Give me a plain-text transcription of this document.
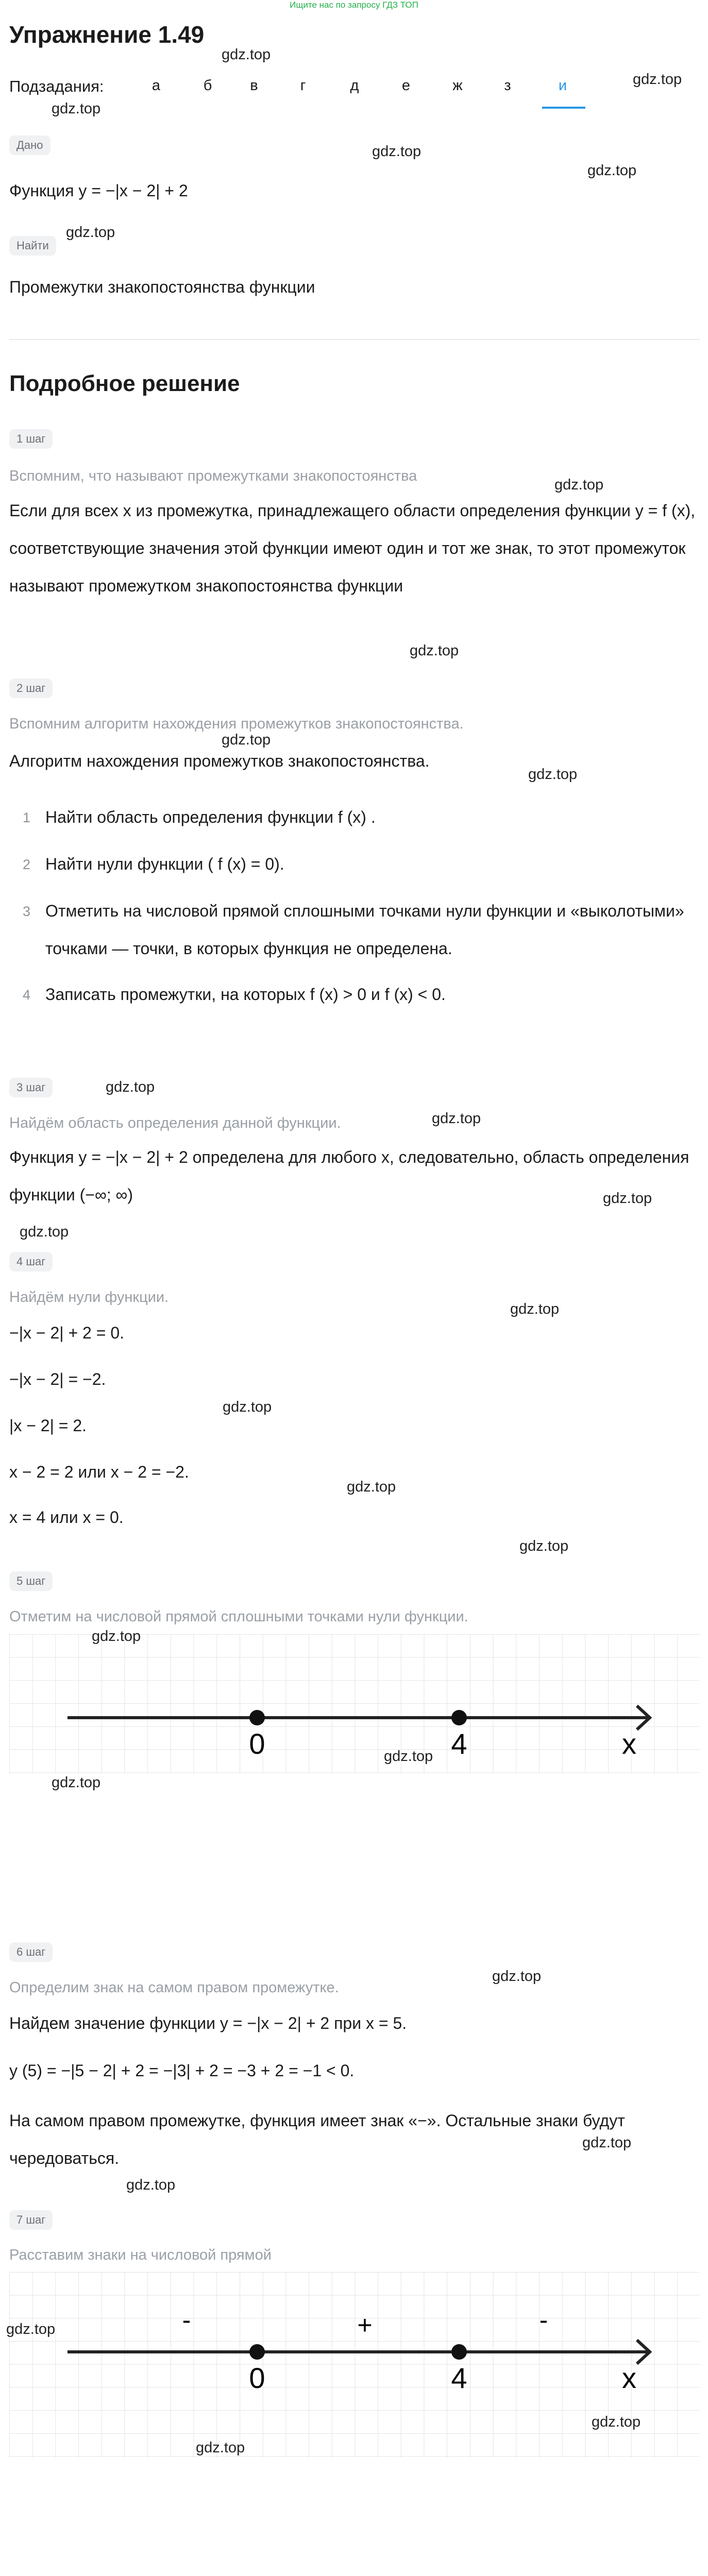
Ищите нас по запросу ГДЗ ТОП
Упражнение 1.49
Подзадания:	а	б	в	г	д	е	ж	з	и
Дано
Функция y = −|x − 2| + 2
Найти
Промежутки знакопостоянства функции
Подробное решение
1 шаг
Вспомним, что называют промежутками знакопостоянства
Если для всех x из промежутка, принадлежащего области определения функции y = f (x), соответствующие значения этой функции имеют один и тот же знак, то этот промежуток называют промежутком знакопостоянства функции
2 шаг
Вспомним алгоритм нахождения промежутков знакопостоянства.
Алгоритм нахождения промежутков знакопостоянства.
1 Найти область определения функции f (x) .
2 Найти нули функции ( f (x) = 0).
3 Отметить на числовой прямой сплошными точками нули функции и «выколотыми» точками — точки, в которых функция не определена.
4 Записать промежутки, на которых f (x) > 0 и f (x) < 0.
3 шаг
Найдём область определения данной функции.
Функция y = −|x − 2| + 2 определена для любого x, следовательно, область определения функции (−∞; ∞)
4 шаг
Найдём нули функции.
−|x − 2| + 2 = 0.
−|x − 2| = −2.
|x − 2| = 2.
x − 2 = 2 или x − 2 = −2.
x = 4 или x = 0.
5 шаг
Отметим на числовой прямой сплошными точками нули функции.
0	4	x
6 шаг
Определим знак на самом правом промежутке.
Найдем значение функции y = −|x − 2| + 2 при x = 5.
y (5) = −|5 − 2| + 2 = −|3| + 2 = −3 + 2 = −1 < 0.
На самом правом промежутке, функция имеет знак «−». Остальные знаки будут чередоваться.
7 шаг
Расставим знаки на числовой прямой
-	+	-
0	4	x
gdz.top
gdz.top
gdz.top
gdz.top
gdz.top
gdz.top
gdz.top
gdz.top
gdz.top
gdz.top
gdz.top
gdz.top
gdz.top
gdz.top
gdz.top
gdz.top
gdz.top
gdz.top
gdz.top
gdz.top
gdz.top
gdz.top
gdz.top
gdz.top
gdz.top
gdz.top
gdz.top
